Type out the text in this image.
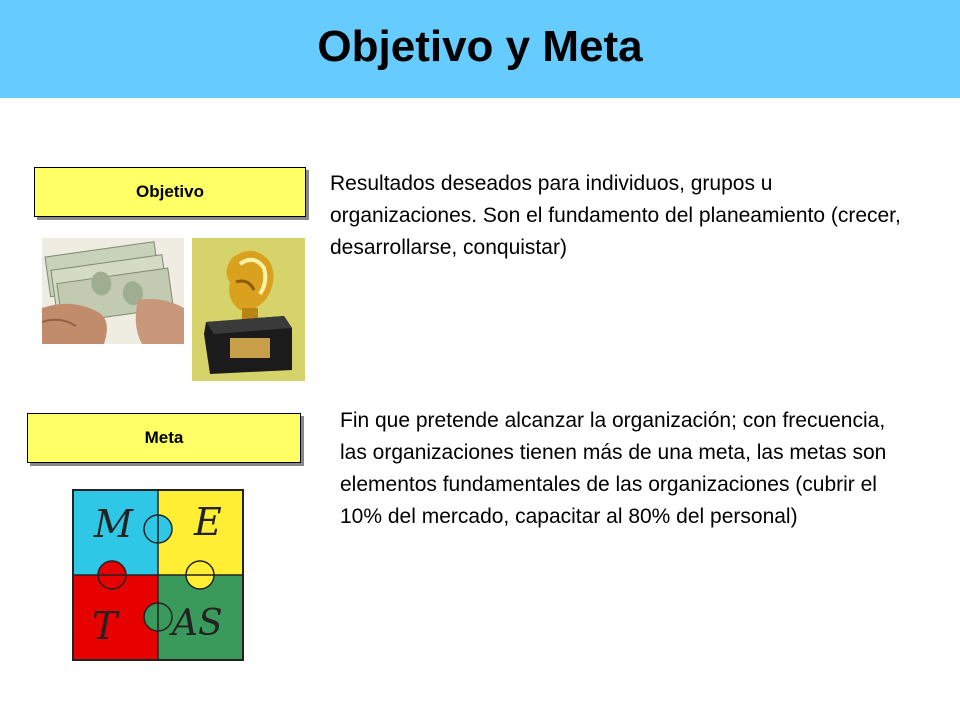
Objetivo y Meta
Objetivo	Resultados deseados para individuos, grupos u organizaciones. Son el fundamento del planeamiento (crecer, desarrollarse, conquistar)
Meta
Fin que pretende alcanzar la organización; con frecuencia, las organizaciones tienen más de una meta, las metas son elementos fundamentales de las organizaciones (cubrir el 10% del mercado, capacitar al 80% del personal)
M E
T AS
